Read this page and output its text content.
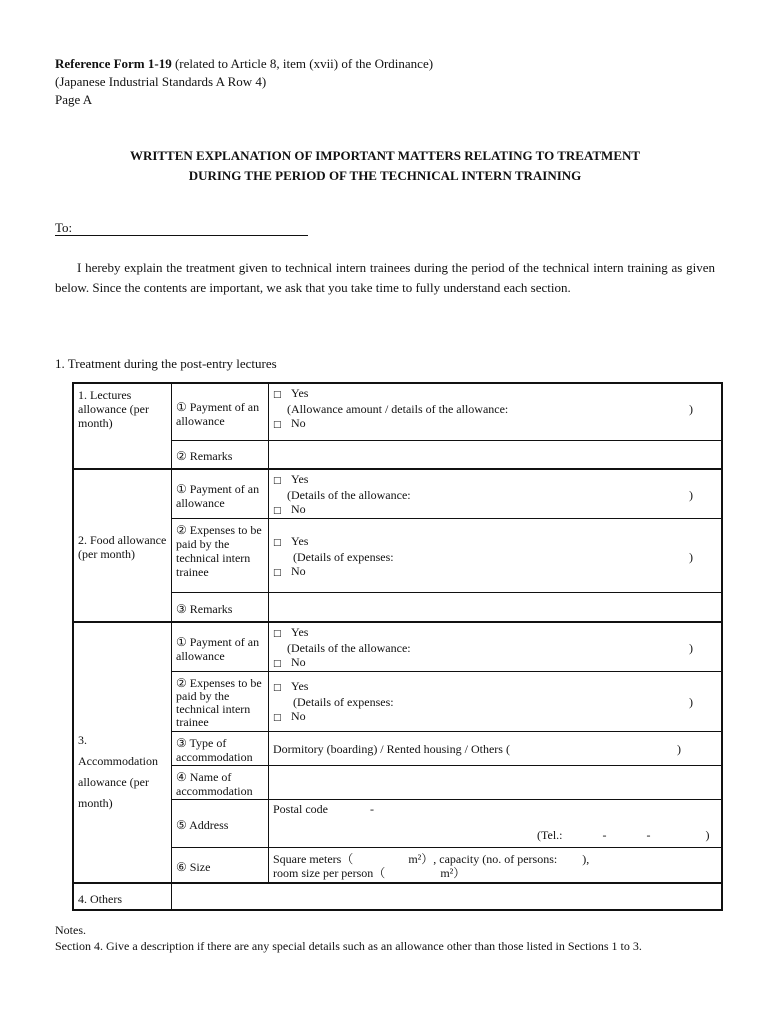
Reference Form 1-19 (related to Article 8, item (xvii) of the Ordinance)
(Japanese Industrial Standards A Row 4)
Page A
WRITTEN EXPLANATION OF IMPORTANT MATTERS RELATING TO TREATMENT
DURING THE PERIOD OF THE TECHNICAL INTERN TRAINING
To:
I hereby explain the treatment given to technical intern trainees during the period of the technical intern training as given below. Since the contents are important, we ask that you take time to fully understand each section.
1. Treatment during the post-entry lectures
1. Lectures allowance (per month)	① Payment of an allowance	□ Yes
(Allowance amount / details of the allowance: )
□ No

	② Remarks	
2. Food allowance (per month)	① Payment of an allowance	□ Yes
(Details of the allowance: )
□ No

	② Expenses to be paid by the technical intern trainee	□ Yes
(Details of expenses: )
□ No

	③ Remarks	
3. Accommodation allowance (per month)	① Payment of an allowance	□ Yes
(Details of the allowance: )
□ No

	② Expenses to be paid by the technical intern trainee	□ Yes
(Details of expenses: )
□ No

	③ Type of accommodation	Dormitory (boarding) / Rented housing / Others ( )

	④ Name of accommodation	
	⑤ Address	Postal code -
(Tel.: - - )

	⑥ Size	Square meters（ m²）, capacity (no. of persons: ),
room size per person（ m²）

4. Others		
Notes.
Section 4. Give a description if there are any special details such as an allowance other than those listed in Sections 1 to 3.
